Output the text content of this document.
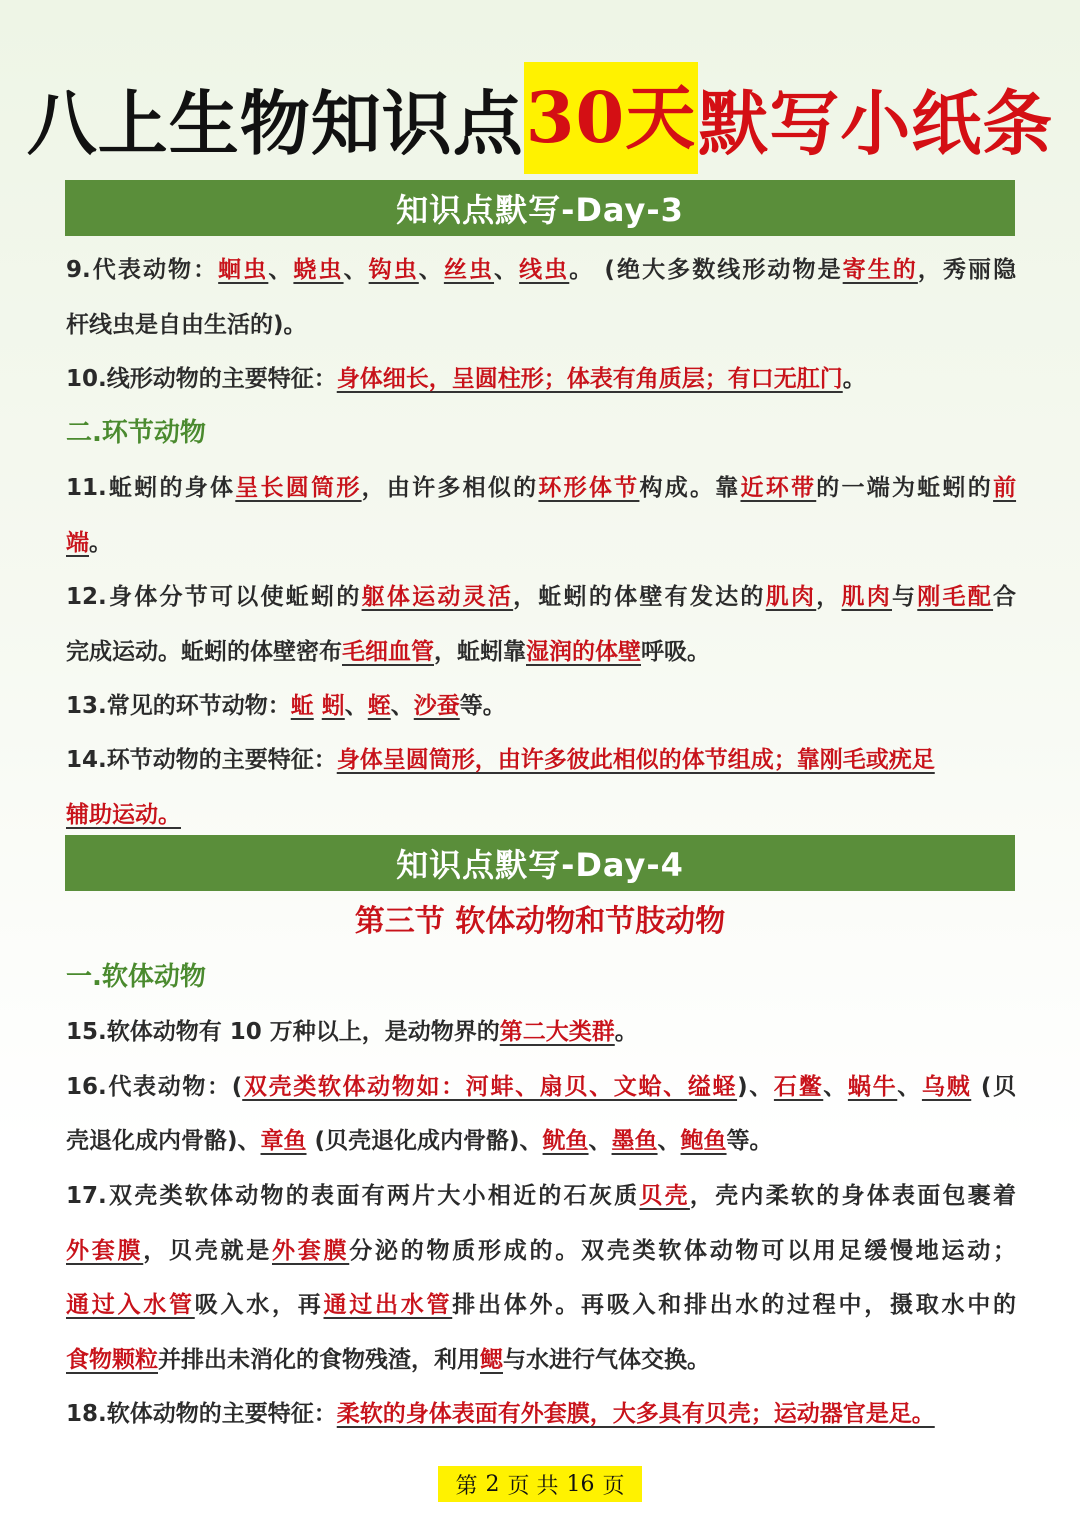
八上生物知识点 30天 默写小纸条
知识点默写-Day-3
9.代表动物：蛔虫、蛲虫、钩虫、丝虫、线虫。 (绝大多数线形动物是寄生的，秀丽隐
杆线虫是自由生活的)。
10.线形动物的主要特征：身体细长，呈圆柱形；体表有角质层；有口无肛门。
二.环节动物
11.蚯蚓的身体呈长圆筒形，由许多相似的环形体节构成。靠近环带的一端为蚯蚓的前
端。
12.身体分节可以使蚯蚓的躯体运动灵活，蚯蚓的体壁有发达的肌肉，肌肉与刚毛配合
完成运动。蚯蚓的体壁密布毛细血管，蚯蚓靠湿润的体壁呼吸。
13.常见的环节动物：蚯 蚓、蛭、沙蚕等。
14.环节动物的主要特征：身体呈圆筒形，由许多彼此相似的体节组成；靠刚毛或疣足
辅助运动。
知识点默写-Day-4
第三节 软体动物和节肢动物
一.软体动物
15.软体动物有 10 万种以上，是动物界的第二大类群。
16.代表动物：(双壳类软体动物如：河蚌、扇贝、文蛤、缢蛏)、石鳖、蜗牛、乌贼 (贝
壳退化成内骨骼)、章鱼 (贝壳退化成内骨骼)、鱿鱼、墨鱼、鲍鱼等。
17.双壳类软体动物的表面有两片大小相近的石灰质贝壳，壳内柔软的身体表面包裹着
外套膜，贝壳就是外套膜分泌的物质形成的。双壳类软体动物可以用足缓慢地运动；
通过入水管吸入水，再通过出水管排出体外。再吸入和排出水的过程中，摄取水中的
食物颗粒并排出未消化的食物残渣，利用鳃与水进行气体交换。
18.软体动物的主要特征：柔软的身体表面有外套膜，大多具有贝壳；运动器官是足。
第 2 页 共 16 页
